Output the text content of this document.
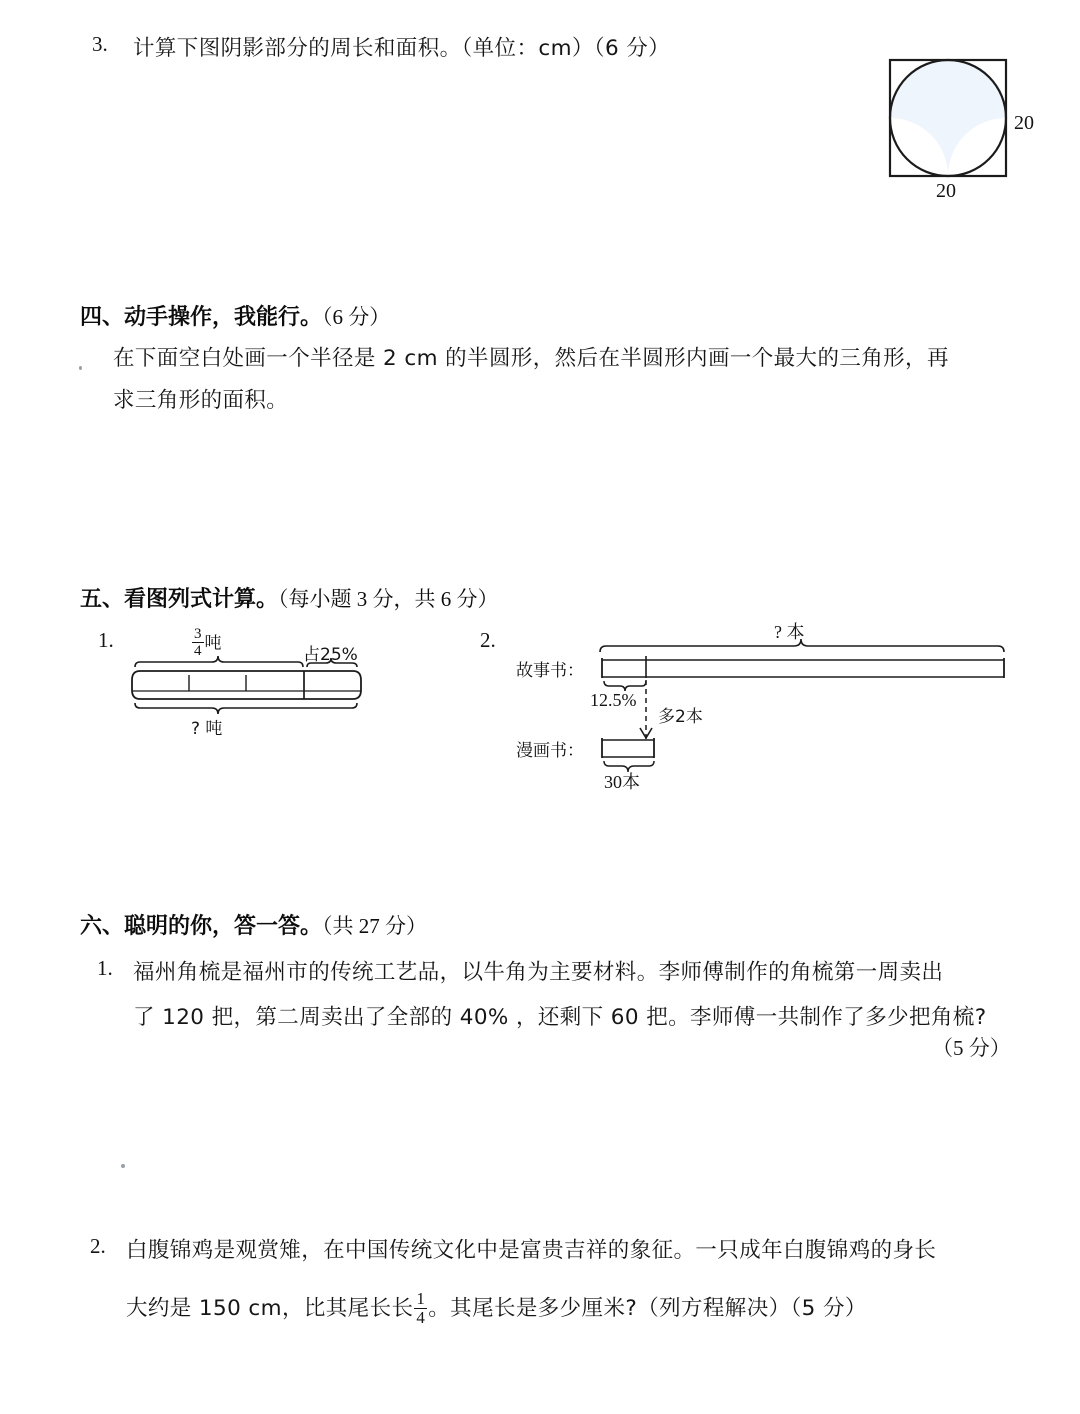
3. 计算下图阴影部分的周长和面积。（单位：cm）（6 分）
20
20
四、动手操作，我能行。（6 分）
在下面空白处画一个半径是 2 cm 的半圆形，然后在半圆形内画一个最大的三角形，再
求三角形的面积。
五、看图列式计算。（每小题 3 分，共 6 分）
1.	$\frac{3}{4}$ 吨
占25%
? 吨
2.
故事书：
漫画书：
? 本
12.5%
多2本
30本
六、聪明的你，答一答。（共 27 分）
1. 福州角梳是福州市的传统工艺品，以牛角为主要材料。李师傅制作的角梳第一周卖出
了 120 把，第二周卖出了全部的 40% ，还剩下 60 把。李师傅一共制作了多少把角梳?
（5 分）
2. 白腹锦鸡是观赏雉，在中国传统文化中是富贵吉祥的象征。一只成年白腹锦鸡的身长
大约是 150 cm，比其尾长长 $\frac{1}{4}$ 。其尾长是多少厘米?（列方程解决）（5 分）
